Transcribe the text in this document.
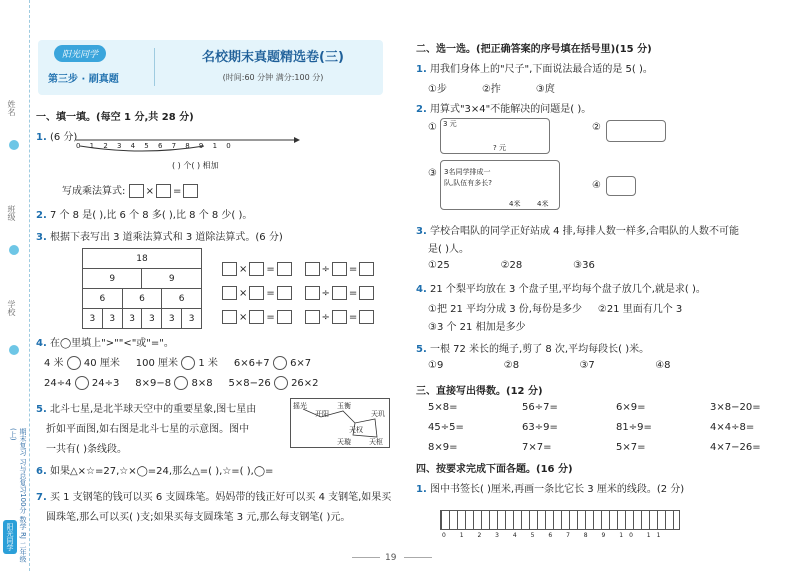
姓名
班级
学校
期末复习 习与总复习100分 数学 RJ 二年级(上)
阳光同学
阳光同学
第三步 · 刷真题
名校期末真题精选卷(三)
(时间:60 分钟 满分:100 分)
一、填一填。(每空 1 分,共 28 分)
1. (6 分)
012345678910
( ) 个( ) 相加
写成乘法算式: × =
2. 7 个 8 是( ),比 6 个 8 多( ),比 8 个 8 少( )。
3. 根据下表写出 3 道乘法算式和 3 道除法算式。(6 分)
18					
9			9		
6		6		6	
3	3	3	3	3	3
× =	÷ =
× =	÷ =
× =	÷ =
4. 在◯里填上">""<"或"="。
4 米 40 厘米 100 厘米 1 米 6×6+7 6×7
24÷4 24÷3 8×9−8 8×8 5×8−26 26×2
5. 北斗七星,是北半球天空中的重要星象,图七星由
折如平面图,如右图是北斗七星的示意图。图中
一共有( )条线段。
摇光
开阳
玉衡
天权
天玑
天枢
天璇
6. 如果△×☆=27,☆×◯=24,那么△=( ),☆=( ),◯=
7. 买 1 支钢笔的钱可以买 6 支圆珠笔。妈妈带的钱正好可以买 4 支钢笔,如果买
圆珠笔,那么可以买( )支;如果买每支圆珠笔 3 元,那么每支钢笔( )元。
二、选一选。(把正确答案的序号填在括号里)(15 分)
1. 用我们身体上的"尺子",下面说法最合适的是 5( )。
①步	②拃	③庹
2. 用算式"3×4"不能解决的问题是( )。
① 3 元
? 元
②
③ 3名同学排成一队,队伍有多长?
4米 4米
④
3. 学校合唱队的同学正好站成 4 排,每排人数一样多,合唱队的人数不可能
是( )人。
①25	②28	③36
4. 21 个梨平均放在 3 个盘子里,平均每个盘子放几个,就是求( )。
①把 21 平均分成 3 份,每份是多少 ②21 里面有几个 3
③3 个 21 相加是多少
5. 一根 72 米长的绳子,剪了 8 次,平均每段长( )米。
①9	②8	③7	④8
三、直接写出得数。(12 分)
5×8=	56÷7=	6×9=	3×8−20=
45÷5=	63÷9=	81÷9=	4×4÷8=
8×9=	7×7=	5×7=	4×7−26=
四、按要求完成下面各题。(16 分)
1. 图中书签长( )厘米,再画一条比它长 3 厘米的线段。(2 分)
0 1 2 3 4 5 6 7 8 9 10 11
19
